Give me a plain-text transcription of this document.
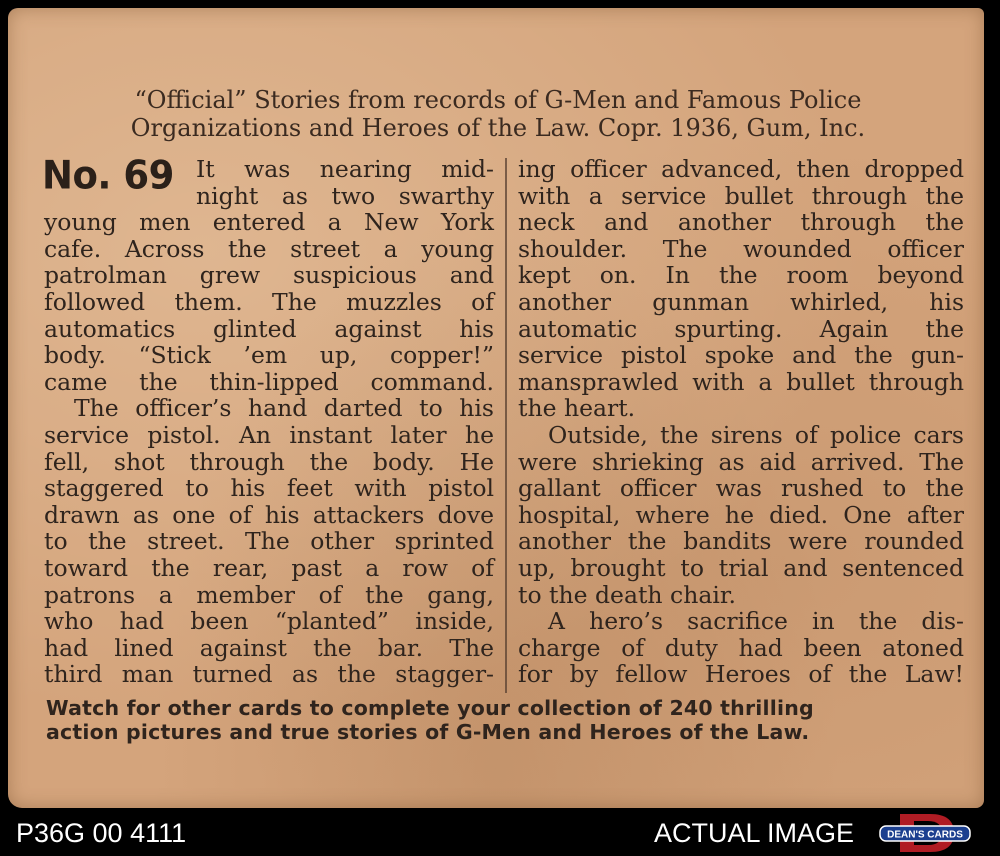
“Official” Stories from records of G-Men and Famous Police
Organizations and Heroes of the Law. Copr. 1936, Gum, Inc.
No. 69 It was nearing mid-
night as two swarthy
young men entered a New York
cafe. Across the street a young
patrolman grew suspicious and
followed them. The muzzles of
automatics glinted against his
body. “Stick ’em up, copper!”
came the thin-lipped command.
The officer’s hand darted to his
service pistol. An instant later he
fell, shot through the body. He
staggered to his feet with pistol
drawn as one of his attackers dove
to the street. The other sprinted
toward the rear, past a row of
patrons a member of the gang,
who had been “planted” inside,
had lined against the bar. The
third man turned as the stagger-
ing officer advanced, then dropped
with a service bullet through the
neck and another through the
shoulder. The wounded officer
kept on. In the room beyond
another gunman whirled, his
automatic spurting. Again the
service pistol spoke and the gun-
mansprawled with a bullet through
the heart.
Outside, the sirens of police cars
were shrieking as aid arrived. The
gallant officer was rushed to the
hospital, where he died. One after
another the bandits were rounded
up, brought to trial and sentenced
to the death chair.
A hero’s sacrifice in the dis-
charge of duty had been atoned
for by fellow Heroes of the Law!
Watch for other cards to complete your collection of 240 thrilling
action pictures and true stories of G-Men and Heroes of the Law.
P36G 00 4111	ACTUAL IMAGE	DEAN'S CARDS
